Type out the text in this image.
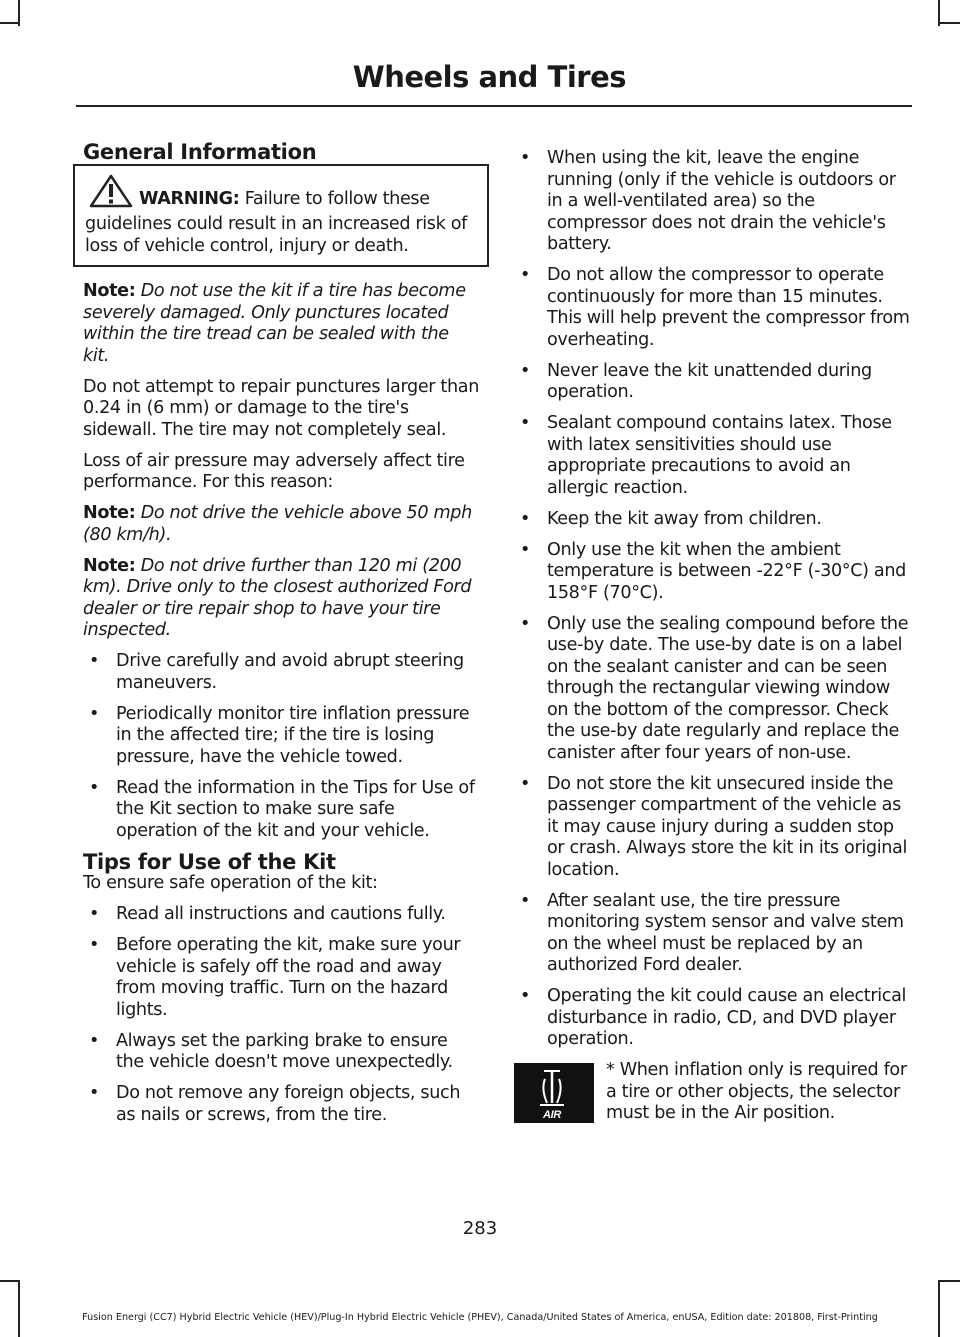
Wheels and Tires
General Information
WARNING: Failure to follow these guidelines could result in an increased risk of loss of vehicle control, injury or death.

Note: Do not use the kit if a tire has become severely damaged. Only punctures located within the tire tread can be sealed with the kit.

Do not attempt to repair punctures larger than 0.24 in (6 mm) or damage to the tire's sidewall. The tire may not completely seal.

Loss of air pressure may adversely affect tire performance. For this reason:

Note: Do not drive the vehicle above 50 mph (80 km/h).

Note: Do not drive further than 120 mi (200 km). Drive only to the closest authorized Ford dealer or tire repair shop to have your tire inspected.

• Drive carefully and avoid abrupt steering maneuvers.
• Periodically monitor tire inflation pressure in the affected tire; if the tire is losing pressure, have the vehicle towed.
• Read the information in the Tips for Use of the Kit section to make sure safe operation of the kit and your vehicle.
Tips for Use of the Kit

To ensure safe operation of the kit:

• Read all instructions and cautions fully.
• Before operating the kit, make sure your vehicle is safely off the road and away from moving traffic. Turn on the hazard lights.
• Always set the parking brake to ensure the vehicle doesn't move unexpectedly.
• Do not remove any foreign objects, such as nails or screws, from the tire.
• When using the kit, leave the engine running (only if the vehicle is outdoors or in a well-ventilated area) so the compressor does not drain the vehicle's battery.
• Do not allow the compressor to operate continuously for more than 15 minutes. This will help prevent the compressor from overheating.
• Never leave the kit unattended during operation.
• Sealant compound contains latex. Those with latex sensitivities should use appropriate precautions to avoid an allergic reaction.
• Keep the kit away from children.
• Only use the kit when the ambient temperature is between -22°F (-30°C) and 158°F (70°C).
• Only use the sealing compound before the use-by date. The use-by date is on a label on the sealant canister and can be seen through the rectangular viewing window on the bottom of the compressor. Check the use-by date regularly and replace the canister after four years of non-use.
• Do not store the kit unsecured inside the passenger compartment of the vehicle as it may cause injury during a sudden stop or crash. Always store the kit in its original location.
• After sealant use, the tire pressure monitoring system sensor and valve stem on the wheel must be replaced by an authorized Ford dealer.
• Operating the kit could cause an electrical disturbance in radio, CD, and DVD player operation.
AIR
* When inflation only is required for a tire or other objects, the selector must be in the Air position.
283
Fusion Energi (CC7) Hybrid Electric Vehicle (HEV)/Plug-In Hybrid Electric Vehicle (PHEV), Canada/United States of America, enUSA, Edition date: 201808, First-Printing
